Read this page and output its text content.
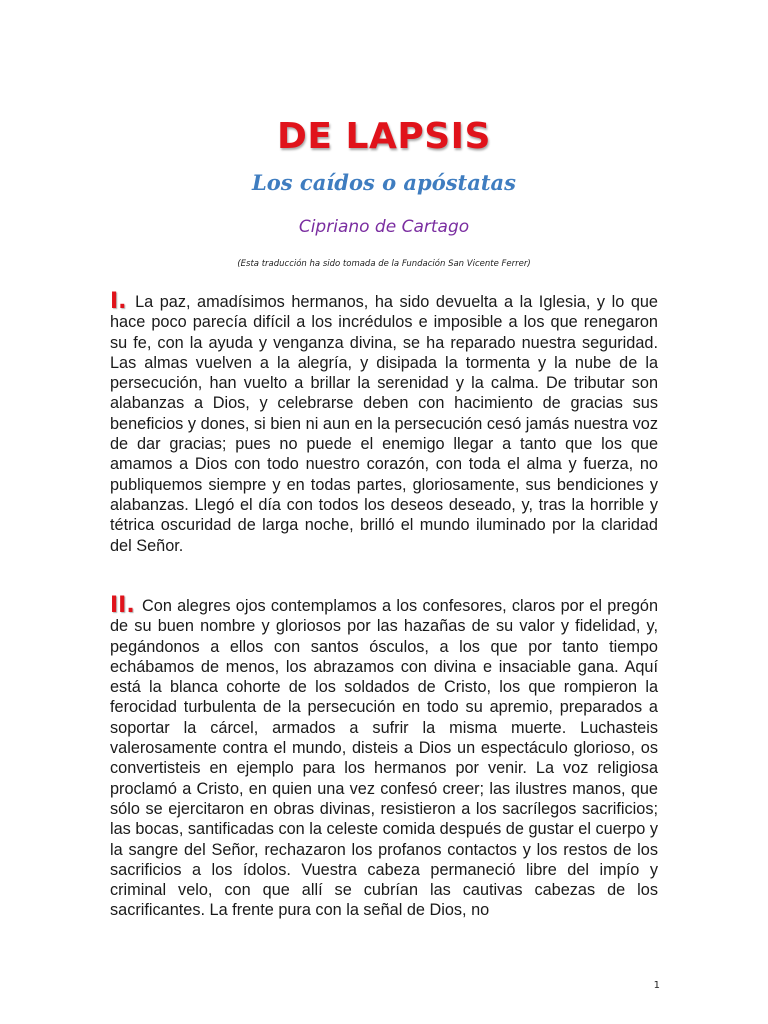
DE LAPSIS
Los caídos o apóstatas
Cipriano de Cartago
(Esta traducción ha sido tomada de la Fundación San Vicente Ferrer)

I. La paz, amadísimos hermanos, ha sido devuelta a la Iglesia, y lo que hace poco parecía difícil a los incrédulos e imposible a los que renegaron su fe, con la ayuda y venganza divina, se ha reparado nuestra seguridad. Las almas vuelven a la alegría, y disipada la tormenta y la nube de la persecución, han vuelto a brillar la serenidad y la calma. De tributar son alabanzas a Dios, y celebrarse deben con hacimiento de gracias sus beneficios y dones, si bien ni aun en la persecución cesó jamás nuestra voz de dar gracias; pues no puede el enemigo llegar a tanto que los que amamos a Dios con todo nuestro corazón, con toda el alma y fuerza, no publiquemos siempre y en todas partes, gloriosamente, sus bendiciones y alabanzas. Llegó el día con todos los deseos deseado, y, tras la horrible y tétrica oscuridad de larga noche, brilló el mundo iluminado por la claridad del Señor.

II. Con alegres ojos contemplamos a los confesores, claros por el pregón de su buen nombre y gloriosos por las hazañas de su valor y fidelidad, y, pegándonos a ellos con santos ósculos, a los que por tanto tiempo echábamos de menos, los abrazamos con divina e insaciable gana. Aquí está la blanca cohorte de los soldados de Cristo, los que rompieron la ferocidad turbulenta de la persecución en todo su apremio, preparados a soportar la cárcel, armados a sufrir la misma muerte. Luchasteis valerosamente contra el mundo, disteis a Dios un espectáculo glorioso, os convertisteis en ejemplo para los hermanos por venir. La voz religiosa proclamó a Cristo, en quien una vez confesó creer; las ilustres manos, que sólo se ejercitaron en obras divinas, resistieron a los sacrílegos sacrificios; las bocas, santificadas con la celeste comida después de gustar el cuerpo y la sangre del Señor, rechazaron los profanos contactos y los restos de los sacrificios a los ídolos. Vuestra cabeza permaneció libre del impío y criminal velo, con que allí se cubrían las cautivas cabezas de los sacrificantes. La frente pura con la señal de Dios, no

1
